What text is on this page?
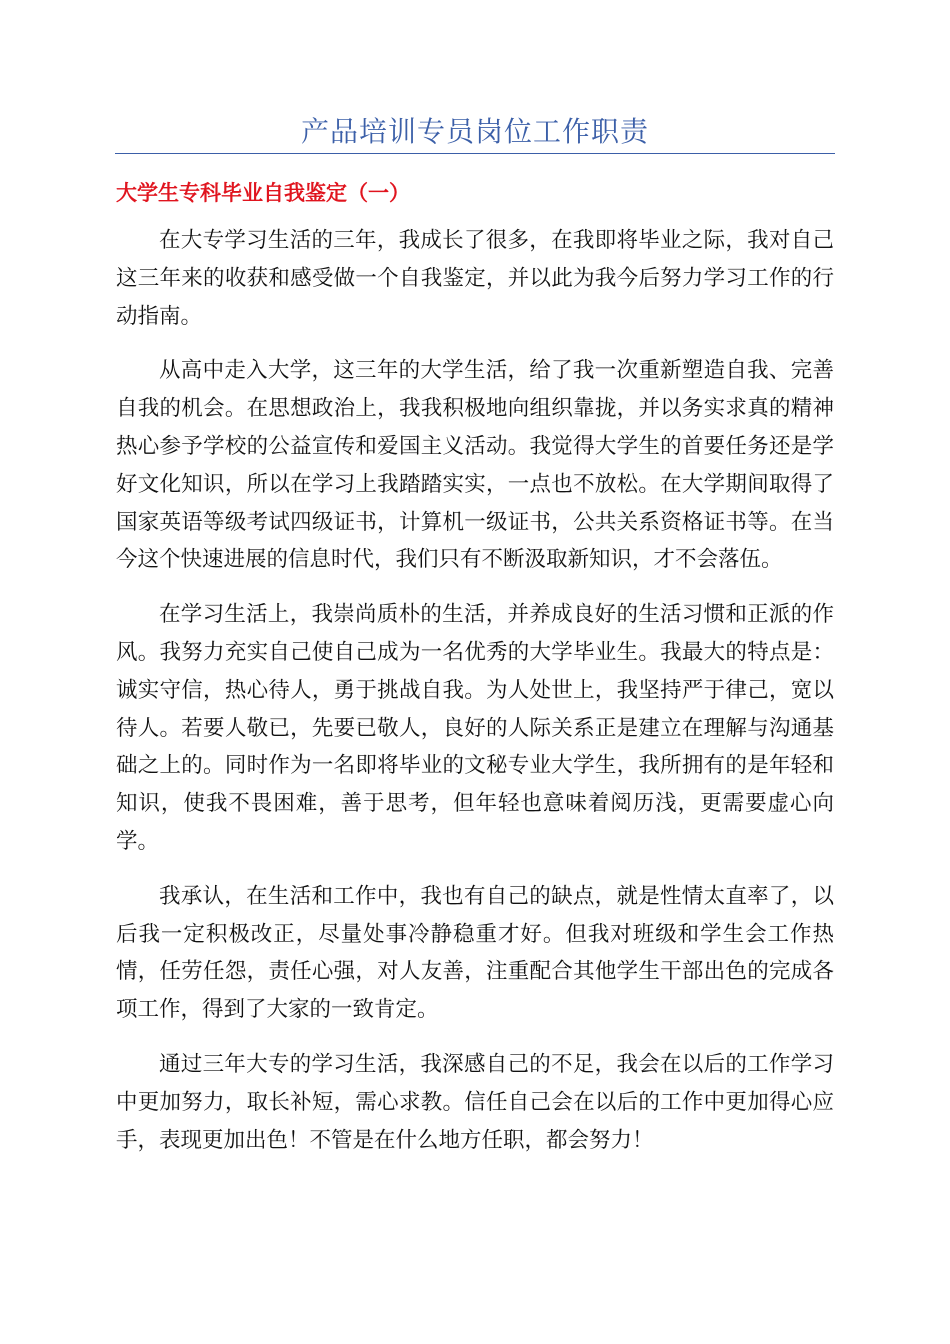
产品培训专员岗位工作职责
大学生专科毕业自我鉴定（一）

在大专学习生活的三年，我成长了很多，在我即将毕业之际，我对自己这三年来的收获和感受做一个自我鉴定，并以此为我今后努力学习工作的行动指南。

从高中走入大学，这三年的大学生活，给了我一次重新塑造自我、完善自我的机会。在思想政治上，我我积极地向组织靠拢，并以务实求真的精神热心参予学校的公益宣传和爱国主义活动。我觉得大学生的首要任务还是学好文化知识，所以在学习上我踏踏实实，一点也不放松。在大学期间取得了国家英语等级考试四级证书，计算机一级证书，公共关系资格证书等。在当今这个快速进展的信息时代，我们只有不断汲取新知识，才不会落伍。

在学习生活上，我崇尚质朴的生活，并养成良好的生活习惯和正派的作风。我努力充实自己使自己成为一名优秀的大学毕业生。我最大的特点是：诚实守信，热心待人，勇于挑战自我。为人处世上，我坚持严于律己，宽以待人。若要人敬已，先要已敬人，良好的人际关系正是建立在理解与沟通基础之上的。同时作为一名即将毕业的文秘专业大学生，我所拥有的是年轻和知识，使我不畏困难，善于思考，但年轻也意味着阅历浅，更需要虚心向学。

我承认，在生活和工作中，我也有自己的缺点，就是性情太直率了，以后我一定积极改正，尽量处事冷静稳重才好。但我对班级和学生会工作热情，任劳任怨，责任心强，对人友善，注重配合其他学生干部出色的完成各项工作，得到了大家的一致肯定。

通过三年大专的学习生活，我深感自己的不足，我会在以后的工作学习中更加努力，取长补短，需心求教。信任自己会在以后的工作中更加得心应手，表现更加出色！不管是在什么地方任职，都会努力！
